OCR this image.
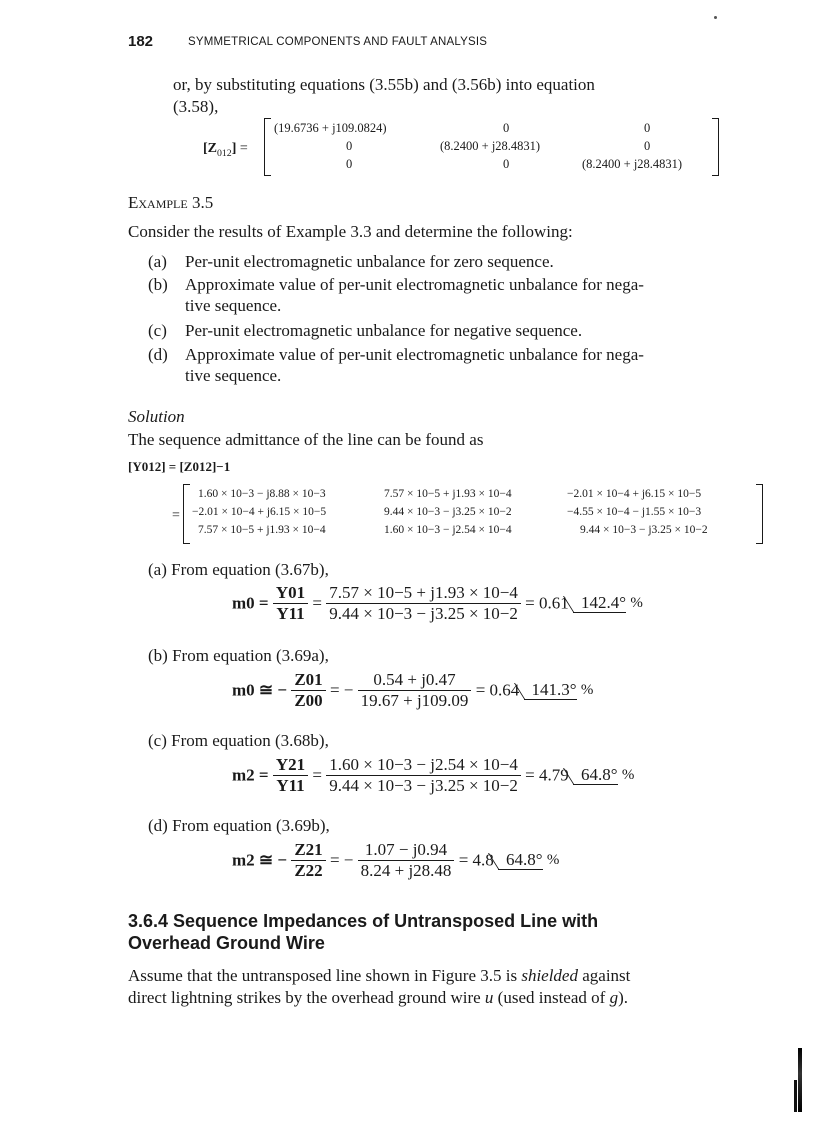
182	SYMMETRICAL COMPONENTS AND FAULT ANALYSIS
or, by substituting equations (3.55b) and (3.56b) into equation
(3.58),
$[Z_{012}]$ =
(19.6736 + j109.0824)	0	0
0	(8.2400 + j28.4831)	0
0	0	(8.2400 + j28.4831)
Example 3.5
Consider the results of Example 3.3 and determine the following:
(a) Per-unit electromagnetic unbalance for zero sequence.
(b) Approximate value of per-unit electromagnetic unbalance for nega-
tive sequence.
(c) Per-unit electromagnetic unbalance for negative sequence.
(d) Approximate value of per-unit electromagnetic unbalance for nega-
tive sequence.
Solution
The sequence admittance of the line can be found as
[Y012] = [Z012]−1
=
1.60 × 10−3 − j8.88 × 10−3	7.57 × 10−5 + j1.93 × 10−4	−2.01 × 10−4 + j6.15 × 10−5
−2.01 × 10−4 + j6.15 × 10−5	9.44 × 10−3 − j3.25 × 10−2	−4.55 × 10−4 − j1.55 × 10−3
7.57 × 10−5 + j1.93 × 10−4	1.60 × 10−3 − j2.54 × 10−4	9.44 × 10−3 − j3.25 × 10−2
(a) From equation (3.67b),
$m0 = \frac{Y01}{Y11} = \frac{7.57 \times 10-5 + j1.93 \times 10-4}{9.44 \times 10-3 - j3.25 \times 10-2} = 0.61$ 142.4° %
(b) From equation (3.69a),
m0 ≅ − $\frac{Z01}{Z00}$ = − $\frac{0.54 + j0.47}{19.67 + j109.09} = 0.64$ 141.3° %
(c) From equation (3.68b),
$m2 = \frac{Y21}{Y11} = \frac{1.60 \times 10-3 - j2.54 \times 10-4}{9.44 \times 10-3 - j3.25 \times 10-2} = 4.79$ 64.8° %
(d) From equation (3.69b),
m2 ≅ − $\frac{Z21}{Z22}$ = − $\frac{1.07 - j0.94}{8.24 + j28.48} = 4.8$ 64.8° %
3.6.4 Sequence Impedances of Untransposed Line with
Overhead Ground Wire
Assume that the untransposed line shown in Figure 3.5 is shielded against
direct lightning strikes by the overhead ground wire u (used instead of g).
